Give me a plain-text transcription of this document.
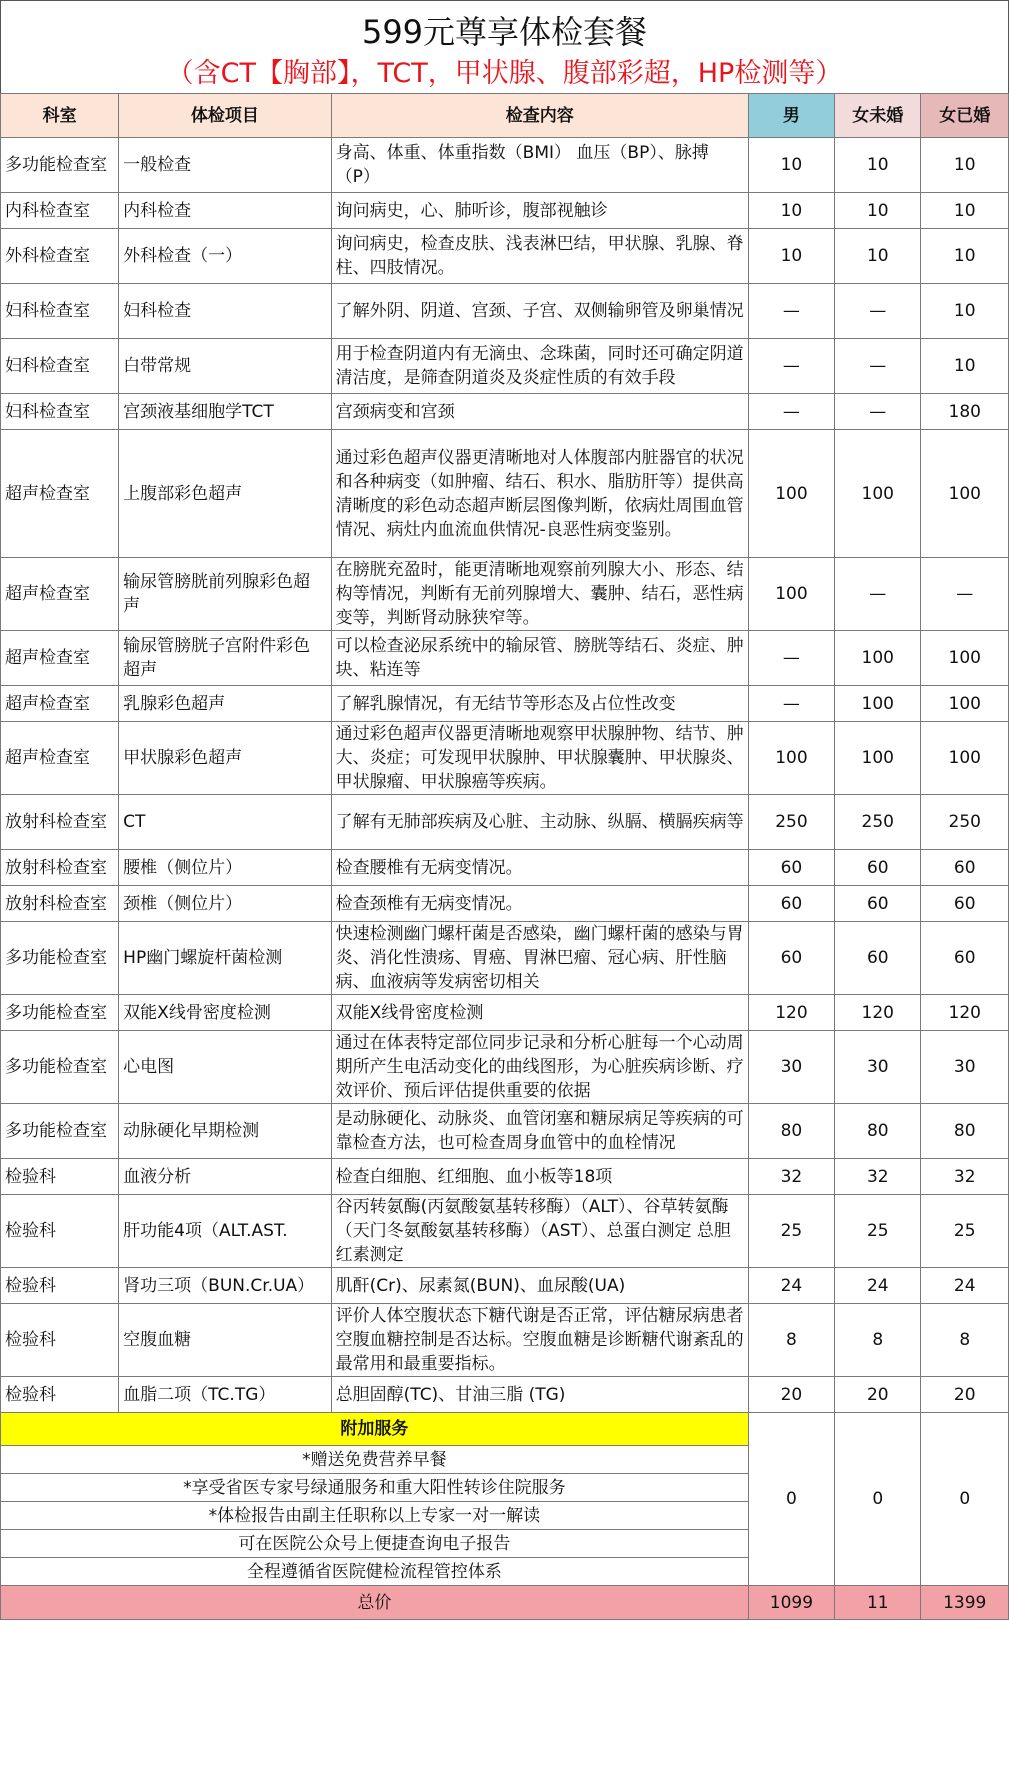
599元尊享体检套餐
（含CT【胸部】，TCT，甲状腺、腹部彩超，HP检测等）
科室	体检项目	检查内容	男	女未婚	女已婚
多功能检查室	一般检查	身高、体重、体重指数（BMI） 血压（BP）、脉搏（P）	10	10	10
内科检查室	内科检查	询问病史，心、肺听诊，腹部视触诊	10	10	10
外科检查室	外科检查（一）	询问病史，检查皮肤、浅表淋巴结，甲状腺、乳腺、脊柱、四肢情况。	10	10	10
妇科检查室	妇科检查	了解外阴、阴道、宫颈、子宫、双侧输卵管及卵巢情况	—	—	10
妇科检查室	白带常规	用于检查阴道内有无滴虫、念珠菌，同时还可确定阴道清洁度，是筛查阴道炎及炎症性质的有效手段	—	—	10
妇科检查室	宫颈液基细胞学TCT	宫颈病变和宫颈	—	—	180
超声检查室	上腹部彩色超声	通过彩色超声仪器更清晰地对人体腹部内脏器官的状况和各种病变（如肿瘤、结石、积水、脂肪肝等）提供高清晰度的彩色动态超声断层图像判断，依病灶周围血管情况、病灶内血流血供情况-良恶性病变鉴别。	100	100	100
超声检查室	输尿管膀胱前列腺彩色超声	在膀胱充盈时，能更清晰地观察前列腺大小、形态、结构等情况，判断有无前列腺增大、囊肿、结石，恶性病变等，判断肾动脉狭窄等。	100	—	—
超声检查室	输尿管膀胱子宫附件彩色超声	可以检查泌尿系统中的输尿管、膀胱等结石、炎症、肿块、粘连等	—	100	100
超声检查室	乳腺彩色超声	了解乳腺情况，有无结节等形态及占位性改变	—	100	100
超声检查室	甲状腺彩色超声	通过彩色超声仪器更清晰地观察甲状腺肿物、结节、肿大、炎症；可发现甲状腺肿、甲状腺囊肿、甲状腺炎、甲状腺瘤、甲状腺癌等疾病。	100	100	100
放射科检查室	CT	了解有无肺部疾病及心脏、主动脉、纵膈、横膈疾病等	250	250	250
放射科检查室	腰椎（侧位片）	检查腰椎有无病变情况。	60	60	60
放射科检查室	颈椎（侧位片）	检查颈椎有无病变情况。	60	60	60
多功能检查室	HP幽门螺旋杆菌检测	快速检测幽门螺杆菌是否感染，幽门螺杆菌的感染与胃炎、消化性溃疡、胃癌、胃淋巴瘤、冠心病、肝性脑病、血液病等发病密切相关	60	60	60
多功能检查室	双能X线骨密度检测	双能X线骨密度检测	120	120	120
多功能检查室	心电图	通过在体表特定部位同步记录和分析心脏每一个心动周期所产生电活动变化的曲线图形，为心脏疾病诊断、疗效评价、预后评估提供重要的依据	30	30	30
多功能检查室	动脉硬化早期检测	是动脉硬化、动脉炎、血管闭塞和糖尿病足等疾病的可靠检查方法，也可检查周身血管中的血栓情况	80	80	80
检验科	血液分析	检查白细胞、红细胞、血小板等18项	32	32	32
检验科	肝功能4项（ALT.AST.	谷丙转氨酶(丙氨酸氨基转移酶）（ALT）、谷草转氨酶（天门冬氨酸氨基转移酶）（AST）、总蛋白测定 总胆红素测定	25	25	25
检验科	肾功三项（BUN.Cr.UA）	肌酐(Cr)、尿素氮(BUN)、血尿酸(UA)	24	24	24
检验科	空腹血糖	评价人体空腹状态下糖代谢是否正常，评估糖尿病患者空腹血糖控制是否达标。空腹血糖是诊断糖代谢紊乱的最常用和最重要指标。	8	8	8
检验科	血脂二项（TC.TG）	总胆固醇(TC)、甘油三脂 (TG)	20	20	20
附加服务			0	0	0
*赠送免费营养早餐					
*享受省医专家号绿通服务和重大阳性转诊住院服务					
*体检报告由副主任职称以上专家一对一解读					
可在医院公众号上便捷查询电子报告					
全程遵循省医院健检流程管控体系					
总价			1099	11	1399
咔嗒说房网
